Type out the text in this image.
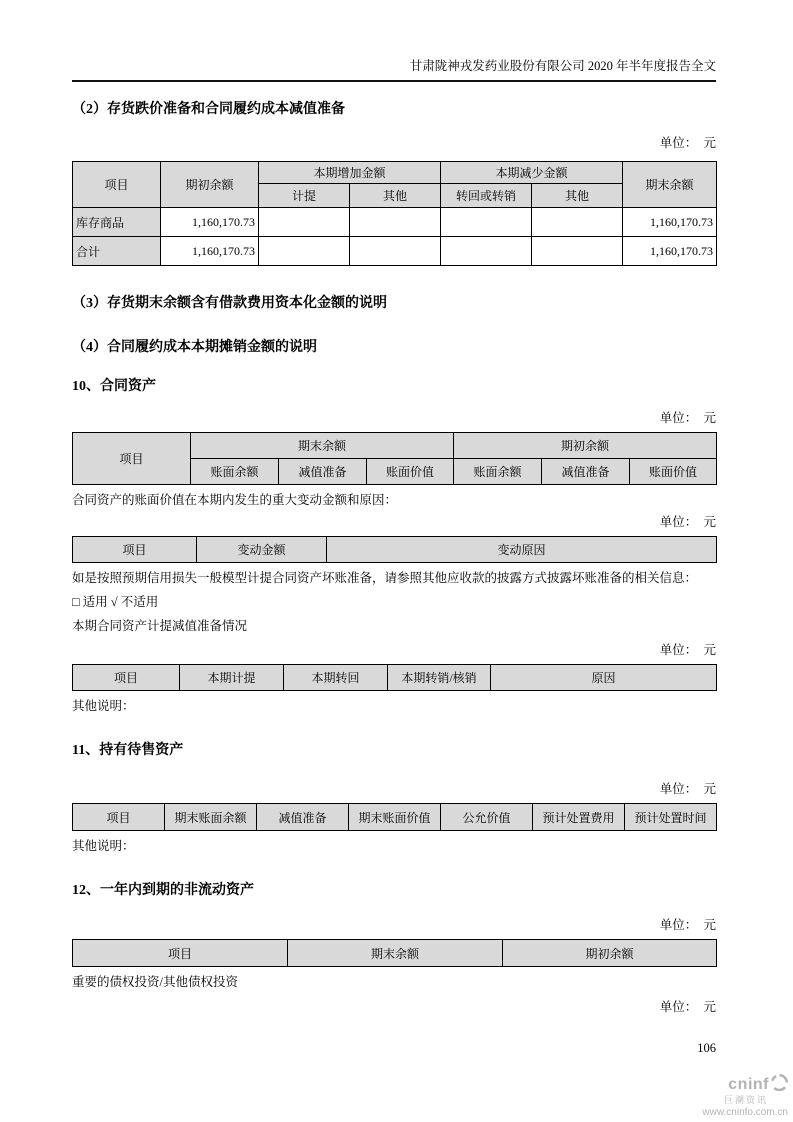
甘肃陇神戎发药业股份有限公司 2020 年半年度报告全文
（2）存货跌价准备和合同履约成本减值准备
单位：　元
项目	期初余额	本期增加金额		本期减少金额		期末余额
		计提	其他	转回或转销	其他	
库存商品	1,160,170.73					1,160,170.73
合计	1,160,170.73					1,160,170.73
（3）存货期末余额含有借款费用资本化金额的说明
（4）合同履约成本本期摊销金额的说明
10、合同资产
单位：　元
项目	期末余额			期初余额		
	账面余额	减值准备	账面价值	账面余额	减值准备	账面价值
合同资产的账面价值在本期内发生的重大变动金额和原因：
单位：　元
项目	变动金额	变动原因
如是按照预期信用损失一般模型计提合同资产坏账准备，请参照其他应收款的披露方式披露坏账准备的相关信息：
□ 适用 √ 不适用
本期合同资产计提减值准备情况
单位：　元
项目	本期计提	本期转回	本期转销/核销	原因
其他说明：
11、持有待售资产
单位：　元
项目	期末账面余额	减值准备	期末账面价值	公允价值	预计处置费用	预计处置时间
其他说明：
12、一年内到期的非流动资产
单位：　元
项目	期末余额	期初余额
重要的债权投资/其他债权投资
单位：　元
106
cninf
巨潮资讯
www.cninfo.com.cn
